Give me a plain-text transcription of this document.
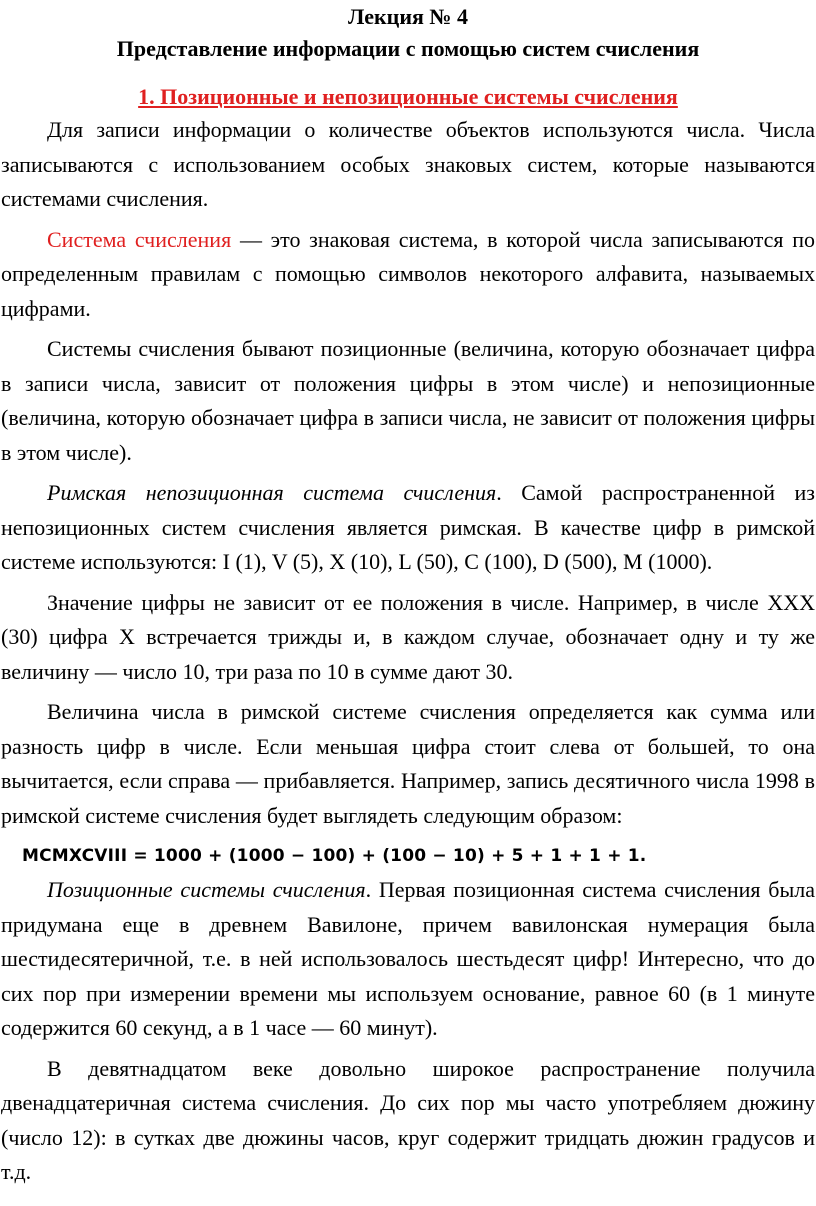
Лекция № 4
Представление информации с помощью систем счисления
1. Позиционные и непозиционные системы счисления

Для записи информации о количестве объектов используются числа. Числа записываются с использованием особых знаковых систем, которые называются системами счисления.

Система счисления — это знаковая система, в которой числа записываются по определенным правилам с помощью символов некоторого алфавита, называемых цифрами.

Системы счисления бывают позиционные (величина, которую обозначает цифра в записи числа, зависит от положения цифры в этом числе) и непозиционные (величина, которую обозначает цифра в записи числа, не зависит от положения цифры в этом числе).

Римская непозиционная система счисления. Самой распространенной из непозиционных систем счисления является римская. В качестве цифр в римской системе используются: I (1), V (5), X (10), L (50), C (100), D (500), M (1000).

Значение цифры не зависит от ее положения в числе. Например, в числе XXX (30) цифра X встречается трижды и, в каждом случае, обозначает одну и ту же величину — число 10, три раза по 10 в сумме дают 30.

Величина числа в римской системе счисления определяется как сумма или разность цифр в числе. Если меньшая цифра стоит слева от большей, то она вычитается, если справа — прибавляется. Например, запись десятичного числа 1998 в римской системе счисления будет выглядеть следующим образом:

MCMXCVIII = 1000 + (1000 − 100) + (100 − 10) + 5 + 1 + 1 + 1.

Позиционные системы счисления. Первая позиционная система счисления была придумана еще в древнем Вавилоне, причем вавилонская нумерация была шестидесятеричной, т.е. в ней использовалось шестьдесят цифр! Интересно, что до сих пор при измерении времени мы используем основание, равное 60 (в 1 минуте содержится 60 секунд, а в 1 часе — 60 минут).

В девятнадцатом веке довольно широкое распространение получила двенадцатеричная система счисления. До сих пор мы часто употребляем дюжину (число 12): в сутках две дюжины часов, круг содержит тридцать дюжин градусов и т.д.
